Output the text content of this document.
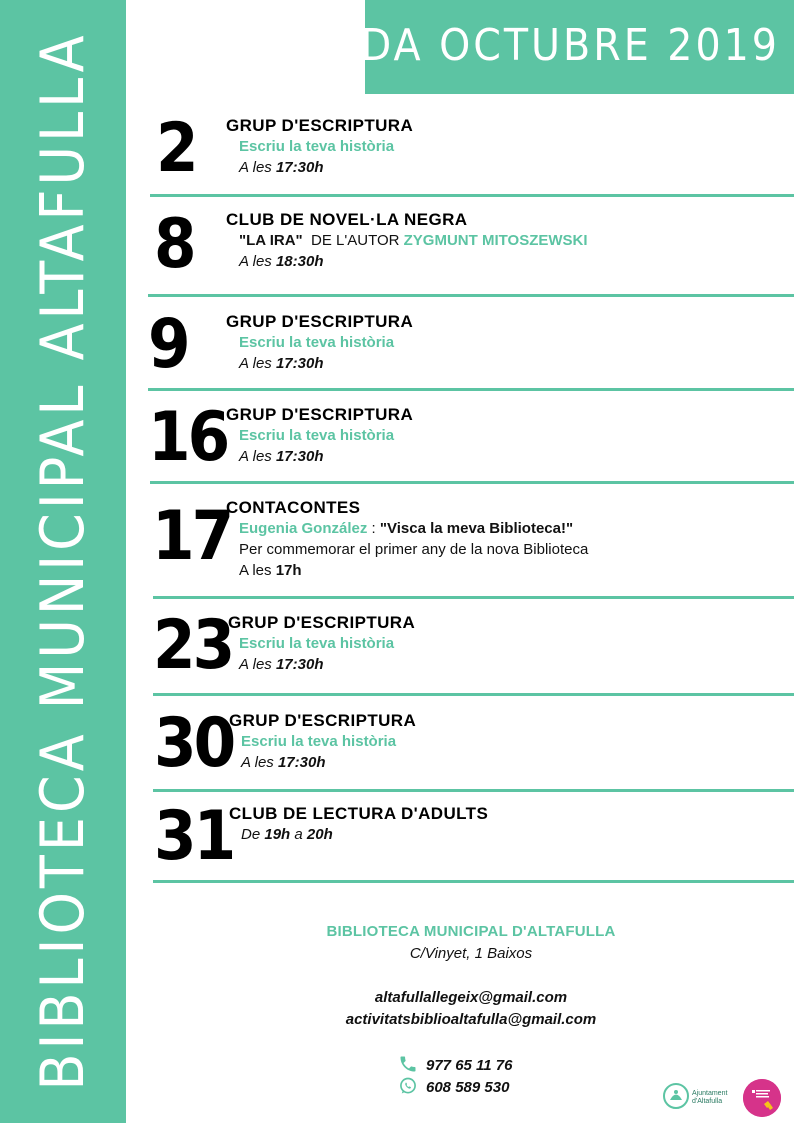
BIBLIOTECA MUNICIPAL ALTAFULLA	AGENDA OCTUBRE 2019
2 GRUP D'ESCRIPTURA
Escriu la teva història
A les 17:30h
8 CLUB DE NOVEL·LA NEGRA
"LA IRA" DE L'AUTOR ZYGMUNT MITOSZEWSKI
A les 18:30h
9 GRUP D'ESCRIPTURA
Escriu la teva història
A les 17:30h
16
GRUP D'ESCRIPTURA
Escriu la teva història
A les 17:30h
17
CONTACONTES
Eugenia González : "Visca la meva Biblioteca!"
Per commemorar el primer any de la nova Biblioteca
A les 17h
23
GRUP D'ESCRIPTURA
Escriu la teva història
A les 17:30h
30
GRUP D'ESCRIPTURA
Escriu la teva història
A les 17:30h
31
CLUB DE LECTURA D'ADULTS
De 19h a 20h
BIBLIOTECA MUNICIPAL D'ALTAFULLA
C/Vinyet, 1 Baixos
altafullallegeix@gmail.com
activitatsbiblioaltafulla@gmail.com
977 65 11 76
608 589 530	Ajuntament
d'Altafulla
